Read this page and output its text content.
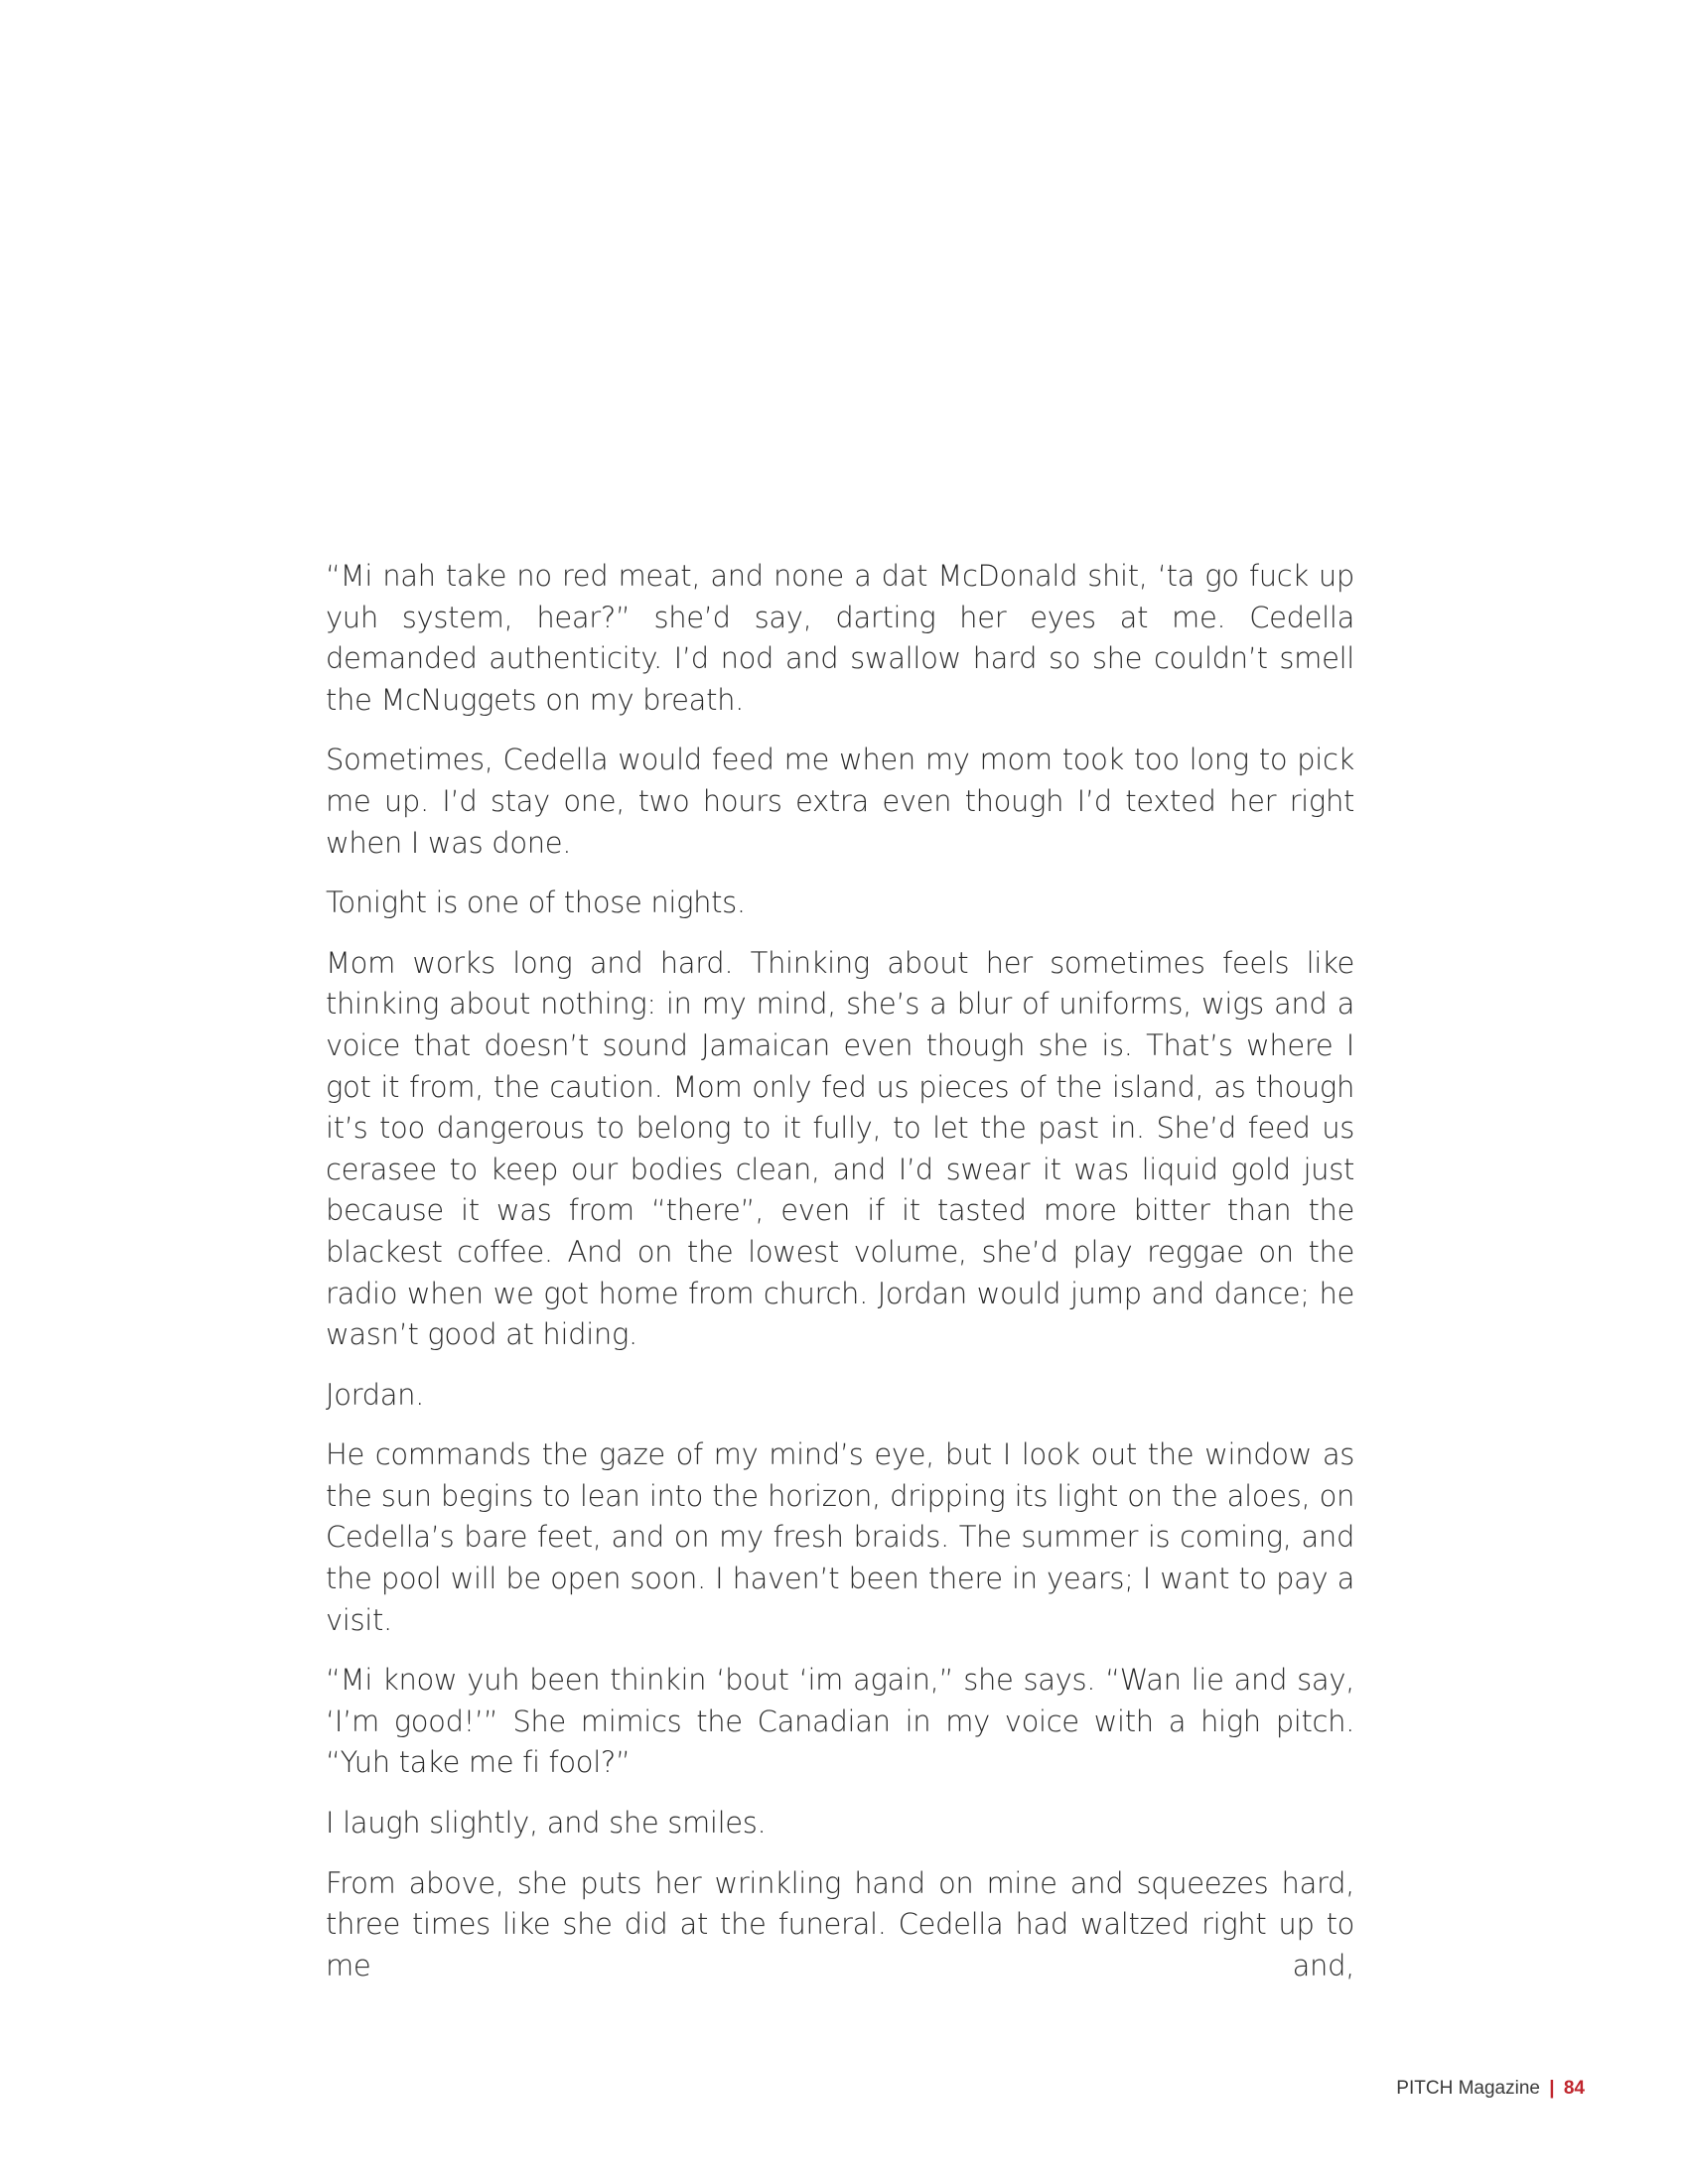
“Mi nah take no red meat, and none a dat McDonald shit, ‘ta go fuck up yuh system, hear?” she’d say, darting her eyes at me. Cedella demanded authenticity. I’d nod and swallow hard so she couldn’t smell the McNuggets on my breath.

Sometimes, Cedella would feed me when my mom took too long to pick me up. I’d stay one, two hours extra even though I’d texted her right when I was done.

Tonight is one of those nights.

Mom works long and hard. Thinking about her sometimes feels like thinking about nothing: in my mind, she’s a blur of uniforms, wigs and a voice that doesn’t sound Jamaican even though she is. That’s where I got it from, the caution. Mom only fed us pieces of the island, as though it’s too dangerous to belong to it fully, to let the past in. She’d feed us cerasee to keep our bodies clean, and I’d swear it was liquid gold just because it was from “there”, even if it tasted more bitter than the blackest coffee. And on the lowest volume, she’d play reggae on the radio when we got home from church. Jordan would jump and dance; he wasn’t good at hiding.

Jordan.

He commands the gaze of my mind’s eye, but I look out the window as the sun begins to lean into the horizon, dripping its light on the aloes, on Cedella’s bare feet, and on my fresh braids. The summer is coming, and the pool will be open soon. I haven’t been there in years; I want to pay a visit.

“Mi know yuh been thinkin ‘bout ‘im again,” she says. “Wan lie and say, ‘I’m good!’” She mimics the Canadian in my voice with a high pitch. “Yuh take me fi fool?”

I laugh slightly, and she smiles.

From above, she puts her wrinkling hand on mine and squeezes hard, three times like she did at the funeral. Cedella had waltzed right up to me and,

PITCH Magazine | 84
